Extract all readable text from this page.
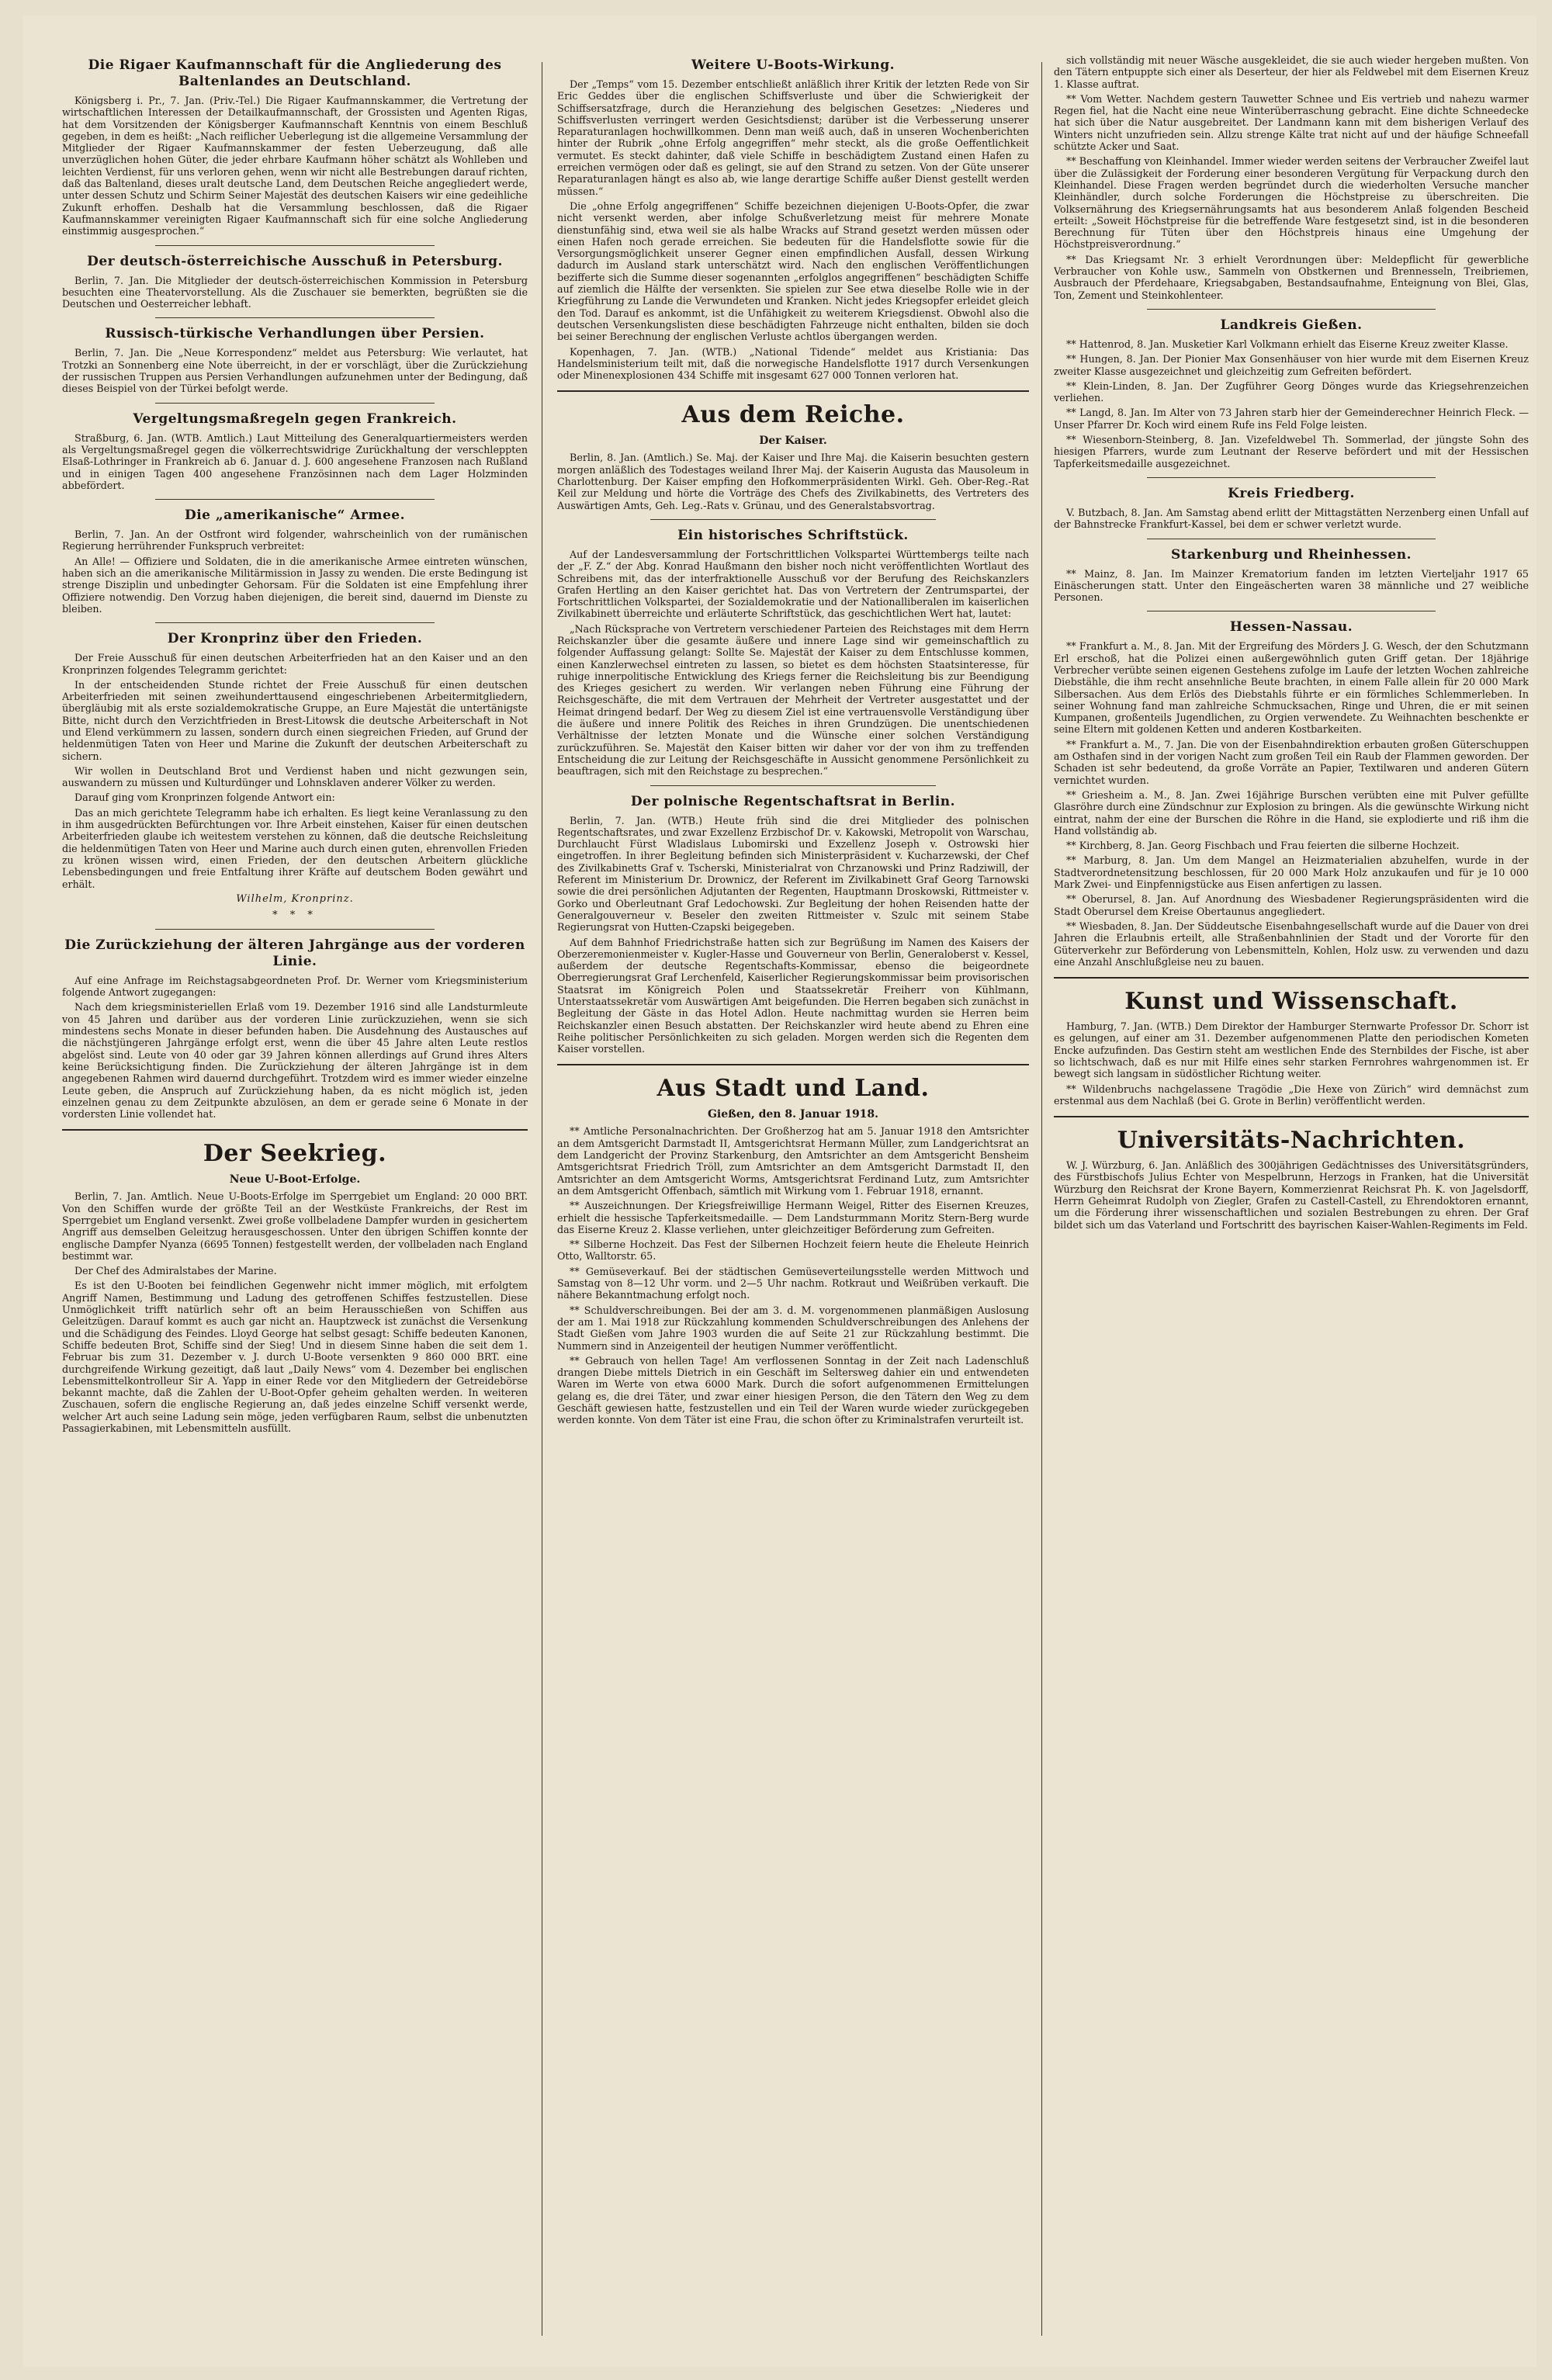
Die Rigaer Kaufmannschaft für die Angliederung des Baltenlandes an Deutschland.

Königsberg i. Pr., 7. Jan. (Priv.-Tel.) Die Rigaer Kaufmannskammer, die Vertretung der wirtschaftlichen Interessen der Detailkaufmannschaft, der Grossisten und Agenten Rigas, hat dem Vorsitzenden der Königsberger Kaufmannschaft Kenntnis von einem Beschluß gegeben, in dem es heißt: „Nach reiflicher Ueberlegung ist die allgemeine Versammlung der Mitglieder der Rigaer Kaufmannskammer der festen Ueberzeugung, daß alle unverzüglichen hohen Güter, die jeder ehrbare Kaufmann höher schätzt als Wohlleben und leichten Verdienst, für uns verloren gehen, wenn wir nicht alle Bestrebungen darauf richten, daß das Baltenland, dieses uralt deutsche Land, dem Deutschen Reiche angegliedert werde, unter dessen Schutz und Schirm Seiner Majestät des deutschen Kaisers wir eine gedeihliche Zukunft erhoffen. Deshalb hat die Versammlung beschlossen, daß die Rigaer Kaufmannskammer vereinigten Rigaer Kaufmannschaft sich für eine solche Angliederung einstimmig ausgesprochen.“

Der deutsch-österreichische Ausschuß in Petersburg.

Berlin, 7. Jan. Die Mitglieder der deutsch-österreichischen Kommission in Petersburg besuchten eine Theatervorstellung. Als die Zuschauer sie bemerkten, begrüßten sie die Deutschen und Oesterreicher lebhaft.

Russisch-türkische Verhandlungen über Persien.

Berlin, 7. Jan. Die „Neue Korrespondenz“ meldet aus Petersburg: Wie verlautet, hat Trotzki an Sonnenberg eine Note überreicht, in der er vorschlägt, über die Zurückziehung der russischen Truppen aus Persien Verhandlungen aufzunehmen unter der Bedingung, daß dieses Beispiel von der Türkei befolgt werde.

Vergeltungsmaßregeln gegen Frankreich.

Straßburg, 6. Jan. (WTB. Amtlich.) Laut Mitteilung des Generalquartiermeisters werden als Vergeltungsmaßregel gegen die völkerrechtswidrige Zurückhaltung der verschleppten Elsaß-Lothringer in Frankreich ab 6. Januar d. J. 600 angesehene Franzosen nach Rußland und in einigen Tagen 400 angesehene Französinnen nach dem Lager Holzminden abbefördert.

Die „amerikanische“ Armee.

Berlin, 7. Jan. An der Ostfront wird folgender, wahrscheinlich von der rumänischen Regierung herrührender Funkspruch verbreitet:

An Alle! — Offiziere und Soldaten, die in die amerikanische Armee eintreten wünschen, haben sich an die amerikanische Militärmission in Jassy zu wenden. Die erste Bedingung ist strenge Disziplin und unbedingter Gehorsam. Für die Soldaten ist eine Empfehlung ihrer Offiziere notwendig. Den Vorzug haben diejenigen, die bereit sind, dauernd im Dienste zu bleiben.

Der Kronprinz über den Frieden.

Der Freie Ausschuß für einen deutschen Arbeiterfrieden hat an den Kaiser und an den Kronprinzen folgendes Telegramm gerichtet:

In der entscheidenden Stunde richtet der Freie Ausschuß für einen deutschen Arbeiterfrieden mit seinen zweihunderttausend eingeschriebenen Arbeitermitgliedern, übergläubig mit als erste sozialdemokratische Gruppe, an Eure Majestät die untertänigste Bitte, nicht durch den Verzichtfrieden in Brest-Litowsk die deutsche Arbeiterschaft in Not und Elend verkümmern zu lassen, sondern durch einen siegreichen Frieden, auf Grund der heldenmütigen Taten von Heer und Marine die Zukunft der deutschen Arbeiterschaft zu sichern.

Wir wollen in Deutschland Brot und Verdienst haben und nicht gezwungen sein, auswandern zu müssen und Kulturdünger und Lohnsklaven anderer Völker zu werden.

Darauf ging vom Kronprinzen folgende Antwort ein:

Das an mich gerichtete Telegramm habe ich erhalten. Es liegt keine Veranlassung zu den in ihm ausgedrückten Befürchtungen vor. Ihre Arbeit einstehen, Kaiser für einen deutschen Arbeiterfrieden glaube ich weitestem verstehen zu können, daß die deutsche Reichsleitung die heldenmütigen Taten von Heer und Marine auch durch einen guten, ehrenvollen Frieden zu krönen wissen wird, einen Frieden, der den deutschen Arbeitern glückliche Lebensbedingungen und freie Entfaltung ihrer Kräfte auf deutschem Boden gewährt und erhält.

Wilhelm, Kronprinz.

* * *
Die Zurückziehung der älteren Jahrgänge aus der vorderen Linie.

Auf eine Anfrage im Reichstagsabgeordneten Prof. Dr. Werner vom Kriegsministerium folgende Antwort zugegangen:

Nach dem kriegsministeriellen Erlaß vom 19. Dezember 1916 sind alle Landsturmleute von 45 Jahren und darüber aus der vorderen Linie zurückzuziehen, wenn sie sich mindestens sechs Monate in dieser befunden haben. Die Ausdehnung des Austausches auf die nächstjüngeren Jahrgänge erfolgt erst, wenn die über 45 Jahre alten Leute restlos abgelöst sind. Leute von 40 oder gar 39 Jahren können allerdings auf Grund ihres Alters keine Berücksichtigung finden. Die Zurückziehung der älteren Jahrgänge ist in dem angegebenen Rahmen wird dauernd durchgeführt. Trotzdem wird es immer wieder einzelne Leute geben, die Anspruch auf Zurückziehung haben, da es nicht möglich ist, jeden einzelnen genau zu dem Zeitpunkte abzulösen, an dem er gerade seine 6 Monate in der vordersten Linie vollendet hat.

Der Seekrieg.
Neue U-Boot-Erfolge.

Berlin, 7. Jan. Amtlich. Neue U-Boots-Erfolge im Sperrgebiet um England: 20 000 BRT. Von den Schiffen wurde der größte Teil an der Westküste Frankreichs, der Rest im Sperrgebiet um England versenkt. Zwei große vollbeladene Dampfer wurden in gesichertem Angriff aus demselben Geleitzug herausgeschossen. Unter den übrigen Schiffen konnte der englische Dampfer Nyanza (6695 Tonnen) festgestellt werden, der vollbeladen nach England bestimmt war.

Der Chef des Admiralstabes der Marine.

Es ist den U-Booten bei feindlichen Gegenwehr nicht immer möglich, mit erfolgtem Angriff Namen, Bestimmung und Ladung des getroffenen Schiffes festzustellen. Diese Unmöglichkeit trifft natürlich sehr oft an beim Herausschießen von Schiffen aus Geleitzügen. Darauf kommt es auch gar nicht an. Hauptzweck ist zunächst die Versenkung und die Schädigung des Feindes. Lloyd George hat selbst gesagt: Schiffe bedeuten Kanonen, Schiffe bedeuten Brot, Schiffe sind der Sieg! Und in diesem Sinne haben die seit dem 1. Februar bis zum 31. Dezember v. J. durch U-Boote versenkten 9 860 000 BRT. eine durchgreifende Wirkung gezeitigt, daß laut „Daily News“ vom 4. Dezember bei englischen Lebensmittelkontrolleur Sir A. Yapp in einer Rede vor den Mitgliedern der Getreidebörse bekannt machte, daß die Zahlen der U-Boot-Opfer geheim gehalten werden. In weiteren Zuschauen, sofern die englische Regierung an, daß jedes einzelne Schiff versenkt werde, welcher Art auch seine Ladung sein möge, jeden verfügbaren Raum, selbst die unbenutzten Passagierkabinen, mit Lebensmitteln ausfüllt.

Weitere U-Boots-Wirkung.

Der „Temps“ vom 15. Dezember entschließt anläßlich ihrer Kritik der letzten Rede von Sir Eric Geddes über die englischen Schiffsverluste und über die Schwierigkeit der Schiffsersatzfrage, durch die Heranziehung des belgischen Gesetzes: „Niederes und Schiffsverlusten verringert werden Gesichtsdienst; darüber ist die Verbesserung unserer Reparaturanlagen hochwillkommen. Denn man weiß auch, daß in unseren Wochenberichten hinter der Rubrik „ohne Erfolg angegriffen“ mehr steckt, als die große Oeffentlichkeit vermutet. Es steckt dahinter, daß viele Schiffe in beschädigtem Zustand einen Hafen zu erreichen vermögen oder daß es gelingt, sie auf den Strand zu setzen. Von der Güte unserer Reparaturanlagen hängt es also ab, wie lange derartige Schiffe außer Dienst gestellt werden müssen.“

Die „ohne Erfolg angegriffenen“ Schiffe bezeichnen diejenigen U-Boots-Opfer, die zwar nicht versenkt werden, aber infolge Schußverletzung meist für mehrere Monate dienstunfähig sind, etwa weil sie als halbe Wracks auf Strand gesetzt werden müssen oder einen Hafen noch gerade erreichen. Sie bedeuten für die Handelsflotte sowie für die Versorgungsmöglichkeit unserer Gegner einen empfindlichen Ausfall, dessen Wirkung dadurch im Ausland stark unterschätzt wird. Nach den englischen Veröffentlichungen bezifferte sich die Summe dieser sogenannten „erfolglos angegriffenen“ beschädigten Schiffe auf ziemlich die Hälfte der versenkten. Sie spielen zur See etwa dieselbe Rolle wie in der Kriegführung zu Lande die Verwundeten und Kranken. Nicht jedes Kriegsopfer erleidet gleich den Tod. Darauf es ankommt, ist die Unfähigkeit zu weiterem Kriegsdienst. Obwohl also die deutschen Versenkungslisten diese beschädigten Fahrzeuge nicht enthalten, bilden sie doch bei seiner Berechnung der englischen Verluste achtlos übergangen werden.

Kopenhagen, 7. Jan. (WTB.) „National Tidende“ meldet aus Kristiania: Das Handelsministerium teilt mit, daß die norwegische Handelsflotte 1917 durch Versenkungen oder Minenexplosionen 434 Schiffe mit insgesamt 627 000 Tonnen verloren hat.

Aus dem Reiche.
Der Kaiser.

Berlin, 8. Jan. (Amtlich.) Se. Maj. der Kaiser und Ihre Maj. die Kaiserin besuchten gestern morgen anläßlich des Todestages weiland Ihrer Maj. der Kaiserin Augusta das Mausoleum in Charlottenburg. Der Kaiser empfing den Hofkommerpräsidenten Wirkl. Geh. Ober-Reg.-Rat Keil zur Meldung und hörte die Vorträge des Chefs des Zivilkabinetts, des Vertreters des Auswärtigen Amts, Geh. Leg.-Rats v. Grünau, und des Generalstabsvortrag.

Ein historisches Schriftstück.

Auf der Landesversammlung der Fortschrittlichen Volkspartei Württembergs teilte nach der „F. Z.“ der Abg. Konrad Haußmann den bisher noch nicht veröffentlichten Wortlaut des Schreibens mit, das der interfraktionelle Ausschuß vor der Berufung des Reichskanzlers Grafen Hertling an den Kaiser gerichtet hat. Das von Vertretern der Zentrumspartei, der Fortschrittlichen Volkspartei, der Sozialdemokratie und der Nationalliberalen im kaiserlichen Zivilkabinett überreichte und erläuterte Schriftstück, das geschichtlichen Wert hat, lautet:

„Nach Rücksprache von Vertretern verschiedener Parteien des Reichstages mit dem Herrn Reichskanzler über die gesamte äußere und innere Lage sind wir gemeinschaftlich zu folgender Auffassung gelangt: Sollte Se. Majestät der Kaiser zu dem Entschlusse kommen, einen Kanzlerwechsel eintreten zu lassen, so bietet es dem höchsten Staatsinteresse, für ruhige innerpolitische Entwicklung des Kriegs ferner die Reichsleitung bis zur Beendigung des Krieges gesichert zu werden. Wir verlangen neben Führung eine Führung der Reichsgeschäfte, die mit dem Vertrauen der Mehrheit der Vertreter ausgestattet und der Heimat dringend bedarf. Der Weg zu diesem Ziel ist eine vertrauensvolle Verständigung über die äußere und innere Politik des Reiches in ihren Grundzügen. Die unentschiedenen Verhältnisse der letzten Monate und die Wünsche einer solchen Verständigung zurückzuführen. Se. Majestät den Kaiser bitten wir daher vor der von ihm zu treffenden Entscheidung die zur Leitung der Reichsgeschäfte in Aussicht genommene Persönlichkeit zu beauftragen, sich mit den Reichstage zu besprechen.“

Der polnische Regentschaftsrat in Berlin.

Berlin, 7. Jan. (WTB.) Heute früh sind die drei Mitglieder des polnischen Regentschaftsrates, und zwar Exzellenz Erzbischof Dr. v. Kakowski, Metropolit von Warschau, Durchlaucht Fürst Wladislaus Lubomirski und Exzellenz Joseph v. Ostrowski hier eingetroffen. In ihrer Begleitung befinden sich Ministerpräsident v. Kucharzewski, der Chef des Zivilkabinetts Graf v. Tscherski, Ministerialrat von Chrzanowski und Prinz Radziwill, der Referent im Ministerium Dr. Drownicz, der Referent im Zivilkabinett Graf Georg Tarnowski sowie die drei persönlichen Adjutanten der Regenten, Hauptmann Droskowski, Rittmeister v. Gorko und Oberleutnant Graf Ledochowski. Zur Begleitung der hohen Reisenden hatte der Generalgouverneur v. Beseler den zweiten Rittmeister v. Szulc mit seinem Stabe Regierungsrat von Hutten-Czapski beigegeben.

Auf dem Bahnhof Friedrichstraße hatten sich zur Begrüßung im Namen des Kaisers der Oberzeremonienmeister v. Kugler-Hasse und Gouverneur von Berlin, Generaloberst v. Kessel, außerdem der deutsche Regentschafts-Kommissar, ebenso die beigeordnete Oberregierungsrat Graf Lerchenfeld, Kaiserlicher Regierungskommissar beim provisorischen Staatsrat im Königreich Polen und Staatssekretär Freiherr von Kühlmann, Unterstaatssekretär vom Auswärtigen Amt beigefunden. Die Herren begaben sich zunächst in Begleitung der Gäste in das Hotel Adlon. Heute nachmittag wurden sie Herren beim Reichskanzler einen Besuch abstatten. Der Reichskanzler wird heute abend zu Ehren eine Reihe politischer Persönlichkeiten zu sich geladen. Morgen werden sich die Regenten dem Kaiser vorstellen.

Aus Stadt und Land.
Gießen, den 8. Januar 1918.

** Amtliche Personalnachrichten. Der Großherzog hat am 5. Januar 1918 den Amtsrichter an dem Amtsgericht Darmstadt II, Amtsgerichtsrat Hermann Müller, zum Landgerichtsrat an dem Landgericht der Provinz Starkenburg, den Amtsrichter an dem Amtsgericht Bensheim Amtsgerichtsrat Friedrich Tröll, zum Amtsrichter an dem Amtsgericht Darmstadt II, den Amtsrichter an dem Amtsgericht Worms, Amtsgerichtsrat Ferdinand Lutz, zum Amtsrichter an dem Amtsgericht Offenbach, sämtlich mit Wirkung vom 1. Februar 1918, ernannt.

** Auszeichnungen. Der Kriegsfreiwillige Hermann Weigel, Ritter des Eisernen Kreuzes, erhielt die hessische Tapferkeitsmedaille. — Dem Landsturmmann Moritz Stern-Berg wurde das Eiserne Kreuz 2. Klasse verliehen, unter gleichzeitiger Beförderung zum Gefreiten.

** Silberne Hochzeit. Das Fest der Silbernen Hochzeit feiern heute die Eheleute Heinrich Otto, Walltorstr. 65.

** Gemüseverkauf. Bei der städtischen Gemüseverteilungsstelle werden Mittwoch und Samstag von 8—12 Uhr vorm. und 2—5 Uhr nachm. Rotkraut und Weißrüben verkauft. Die nähere Bekanntmachung erfolgt noch.

** Schuldverschreibungen. Bei der am 3. d. M. vorgenommenen planmäßigen Auslosung der am 1. Mai 1918 zur Rückzahlung kommenden Schuldverschreibungen des Anlehens der Stadt Gießen vom Jahre 1903 wurden die auf Seite 21 zur Rückzahlung bestimmt. Die Nummern sind in Anzeigenteil der heutigen Nummer veröffentlicht.

** Gebrauch von hellen Tage! Am verflossenen Sonntag in der Zeit nach Ladenschluß drangen Diebe mittels Dietrich in ein Geschäft im Seltersweg dahier ein und entwendeten Waren im Werte von etwa 6000 Mark. Durch die sofort aufgenommenen Ermittelungen gelang es, die drei Täter, und zwar einer hiesigen Person, die den Tätern den Weg zu dem Geschäft gewiesen hatte, festzustellen und ein Teil der Waren wurde wieder zurückgegeben werden konnte. Von dem Täter ist eine Frau, die schon öfter zu Kriminalstrafen verurteilt ist.

sich vollständig mit neuer Wäsche ausgekleidet, die sie auch wieder hergeben mußten. Von den Tätern entpuppte sich einer als Deserteur, der hier als Feldwebel mit dem Eisernen Kreuz 1. Klasse auftrat.

** Vom Wetter. Nachdem gestern Tauwetter Schnee und Eis vertrieb und nahezu warmer Regen fiel, hat die Nacht eine neue Winterüberraschung gebracht. Eine dichte Schneedecke hat sich über die Natur ausgebreitet. Der Landmann kann mit dem bisherigen Verlauf des Winters nicht unzufrieden sein. Allzu strenge Kälte trat nicht auf und der häufige Schneefall schützte Acker und Saat.

** Beschaffung von Kleinhandel. Immer wieder werden seitens der Verbraucher Zweifel laut über die Zulässigkeit der Forderung einer besonderen Vergütung für Verpackung durch den Kleinhandel. Diese Fragen werden begründet durch die wiederholten Versuche mancher Kleinhändler, durch solche Forderungen die Höchstpreise zu überschreiten. Die Volksernährung des Kriegsernährungsamts hat aus besonderem Anlaß folgenden Bescheid erteilt: „Soweit Höchstpreise für die betreffende Ware festgesetzt sind, ist in die besonderen Berechnung für Tüten über den Höchstpreis hinaus eine Umgehung der Höchstpreisverordnung.“

** Das Kriegsamt Nr. 3 erhielt Verordnungen über: Meldepflicht für gewerbliche Verbraucher von Kohle usw., Sammeln von Obstkernen und Brennesseln, Treibriemen, Ausbrauch der Pferdehaare, Kriegsabgaben, Bestandsaufnahme, Enteignung von Blei, Glas, Ton, Zement und Steinkohlenteer.

Landkreis Gießen.

** Hattenrod, 8. Jan. Musketier Karl Volkmann erhielt das Eiserne Kreuz zweiter Klasse.

** Hungen, 8. Jan. Der Pionier Max Gonsenhäuser von hier wurde mit dem Eisernen Kreuz zweiter Klasse ausgezeichnet und gleichzeitig zum Gefreiten befördert.

** Klein-Linden, 8. Jan. Der Zugführer Georg Dönges wurde das Kriegsehrenzeichen verliehen.

** Langd, 8. Jan. Im Alter von 73 Jahren starb hier der Gemeinderechner Heinrich Fleck. — Unser Pfarrer Dr. Koch wird einem Rufe ins Feld Folge leisten.

** Wiesenborn-Steinberg, 8. Jan. Vizefeldwebel Th. Sommerlad, der jüngste Sohn des hiesigen Pfarrers, wurde zum Leutnant der Reserve befördert und mit der Hessischen Tapferkeitsmedaille ausgezeichnet.

Kreis Friedberg.

V. Butzbach, 8. Jan. Am Samstag abend erlitt der Mittagstätten Nerzenberg einen Unfall auf der Bahnstrecke Frankfurt-Kassel, bei dem er schwer verletzt wurde.

Starkenburg und Rheinhessen.

** Mainz, 8. Jan. Im Mainzer Krematorium fanden im letzten Vierteljahr 1917 65 Einäscherungen statt. Unter den Eingeäscherten waren 38 männliche und 27 weibliche Personen.

Hessen-Nassau.

** Frankfurt a. M., 8. Jan. Mit der Ergreifung des Mörders J. G. Wesch, der den Schutzmann Erl erschoß, hat die Polizei einen außergewöhnlich guten Griff getan. Der 18jährige Verbrecher verübte seinen eigenen Gestehens zufolge im Laufe der letzten Wochen zahlreiche Diebstähle, die ihm recht ansehnliche Beute brachten, in einem Falle allein für 20 000 Mark Silbersachen. Aus dem Erlös des Diebstahls führte er ein förmliches Schlemmerleben. In seiner Wohnung fand man zahlreiche Schmucksachen, Ringe und Uhren, die er mit seinen Kumpanen, großenteils Jugendlichen, zu Orgien verwendete. Zu Weihnachten beschenkte er seine Eltern mit goldenen Ketten und anderen Kostbarkeiten.

** Frankfurt a. M., 7. Jan. Die von der Eisenbahndirektion erbauten großen Güterschuppen am Osthafen sind in der vorigen Nacht zum großen Teil ein Raub der Flammen geworden. Der Schaden ist sehr bedeutend, da große Vorräte an Papier, Textilwaren und anderen Gütern vernichtet wurden.

** Griesheim a. M., 8. Jan. Zwei 16jährige Burschen verübten eine mit Pulver gefüllte Glasröhre durch eine Zündschnur zur Explosion zu bringen. Als die gewünschte Wirkung nicht eintrat, nahm der eine der Burschen die Röhre in die Hand, sie explodierte und riß ihm die Hand vollständig ab.

** Kirchberg, 8. Jan. Georg Fischbach und Frau feierten die silberne Hochzeit.

** Marburg, 8. Jan. Um dem Mangel an Heizmaterialien abzuhelfen, wurde in der Stadtverordnetensitzung beschlossen, für 20 000 Mark Holz anzukaufen und für je 10 000 Mark Zwei- und Einpfennigstücke aus Eisen anfertigen zu lassen.

** Oberursel, 8. Jan. Auf Anordnung des Wiesbadener Regierungspräsidenten wird die Stadt Oberursel dem Kreise Obertaunus angegliedert.

** Wiesbaden, 8. Jan. Der Süddeutsche Eisenbahngesellschaft wurde auf die Dauer von drei Jahren die Erlaubnis erteilt, alle Straßenbahnlinien der Stadt und der Vororte für den Güterverkehr zur Beförderung von Lebensmitteln, Kohlen, Holz usw. zu verwenden und dazu eine Anzahl Anschlußgleise neu zu bauen.

Kunst und Wissenschaft.

Hamburg, 7. Jan. (WTB.) Dem Direktor der Hamburger Sternwarte Professor Dr. Schorr ist es gelungen, auf einer am 31. Dezember aufgenommenen Platte den periodischen Kometen Encke aufzufinden. Das Gestirn steht am westlichen Ende des Sternbildes der Fische, ist aber so lichtschwach, daß es nur mit Hilfe eines sehr starken Fernrohres wahrgenommen ist. Er bewegt sich langsam in südöstlicher Richtung weiter.

** Wildenbruchs nachgelassene Tragödie „Die Hexe von Zürich“ wird demnächst zum erstenmal aus dem Nachlaß (bei G. Grote in Berlin) veröffentlicht werden.

Universitäts-Nachrichten.

W. J. Würzburg, 6. Jan. Anläßlich des 300jährigen Gedächtnisses des Universitätsgründers, des Fürstbischofs Julius Echter von Mespelbrunn, Herzogs in Franken, hat die Universität Würzburg den Reichsrat der Krone Bayern, Kommerzienrat Reichsrat Ph. K. von Jagelsdorff, Herrn Geheimrat Rudolph von Ziegler, Grafen zu Castell-Castell, zu Ehrendoktoren ernannt, um die Förderung ihrer wissenschaftlichen und sozialen Bestrebungen zu ehren. Der Graf bildet sich um das Vaterland und Fortschritt des bayrischen Kaiser-Wahlen-Regiments im Feld.
